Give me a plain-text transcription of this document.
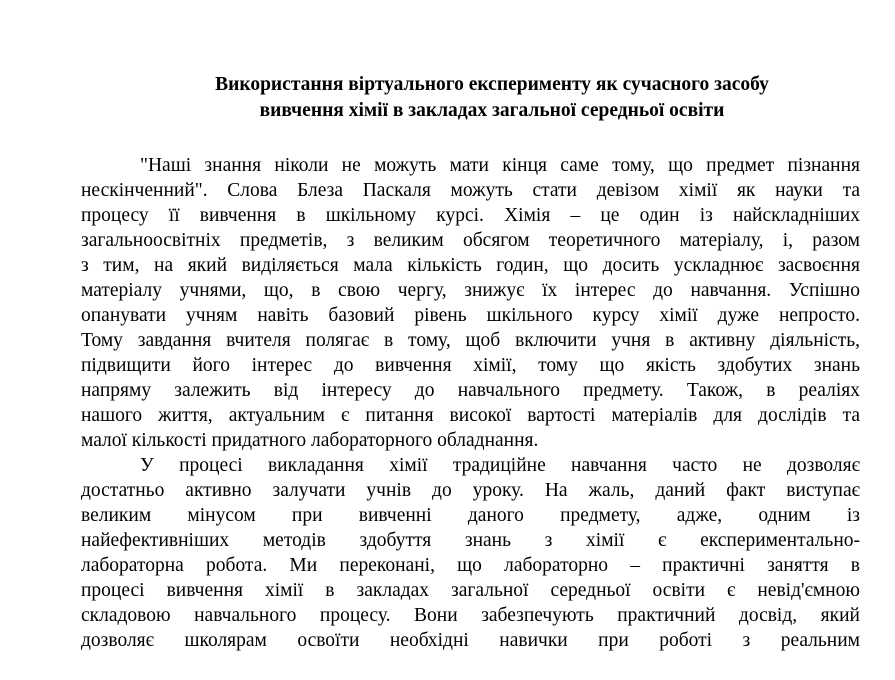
Використання віртуального експерименту як сучасного засобу
вивчення хімії в закладах загальної середньої освіти
"Наші знання ніколи не можуть мати кінця саме тому, що предмет пізнання
нескінченний". Слова Блеза Паскаля можуть стати девізом хімії як науки та
процесу її вивчення в шкільному курсі. Хімія – це один із найскладніших
загальноосвітніх предметів, з великим обсягом теоретичного матеріалу, і, разом
з тим, на який виділяється мала кількість годин, що досить ускладнює засвоєння
матеріалу учнями, що, в свою чергу, знижує їх інтерес до навчання. Успішно
опанувати учням навіть базовий рівень шкільного курсу хімії дуже непросто.
Тому завдання вчителя полягає в тому, щоб включити учня в активну діяльність,
підвищити його інтерес до вивчення хімії, тому що якість здобутих знань
напряму залежить від інтересу до навчального предмету. Також, в реаліях
нашого життя, актуальним є питання високої вартості матеріалів для дослідів та
малої кількості придатного лабораторного обладнання.
У процесі викладання хімії традиційне навчання часто не дозволяє
достатньо активно залучати учнів до уроку. На жаль, даний факт виступає
великим мінусом при вивченні даного предмету, адже, одним із
найефективніших методів здобуття знань з хімії є експериментально-
лабораторна робота. Ми переконані, що лабораторно – практичні заняття в
процесі вивчення хімії в закладах загальної середньої освіти є невід'ємною
складовою навчального процесу. Вони забезпечують практичний досвід, який
дозволяє школярам освоїти необхідні навички при роботі з реальним
